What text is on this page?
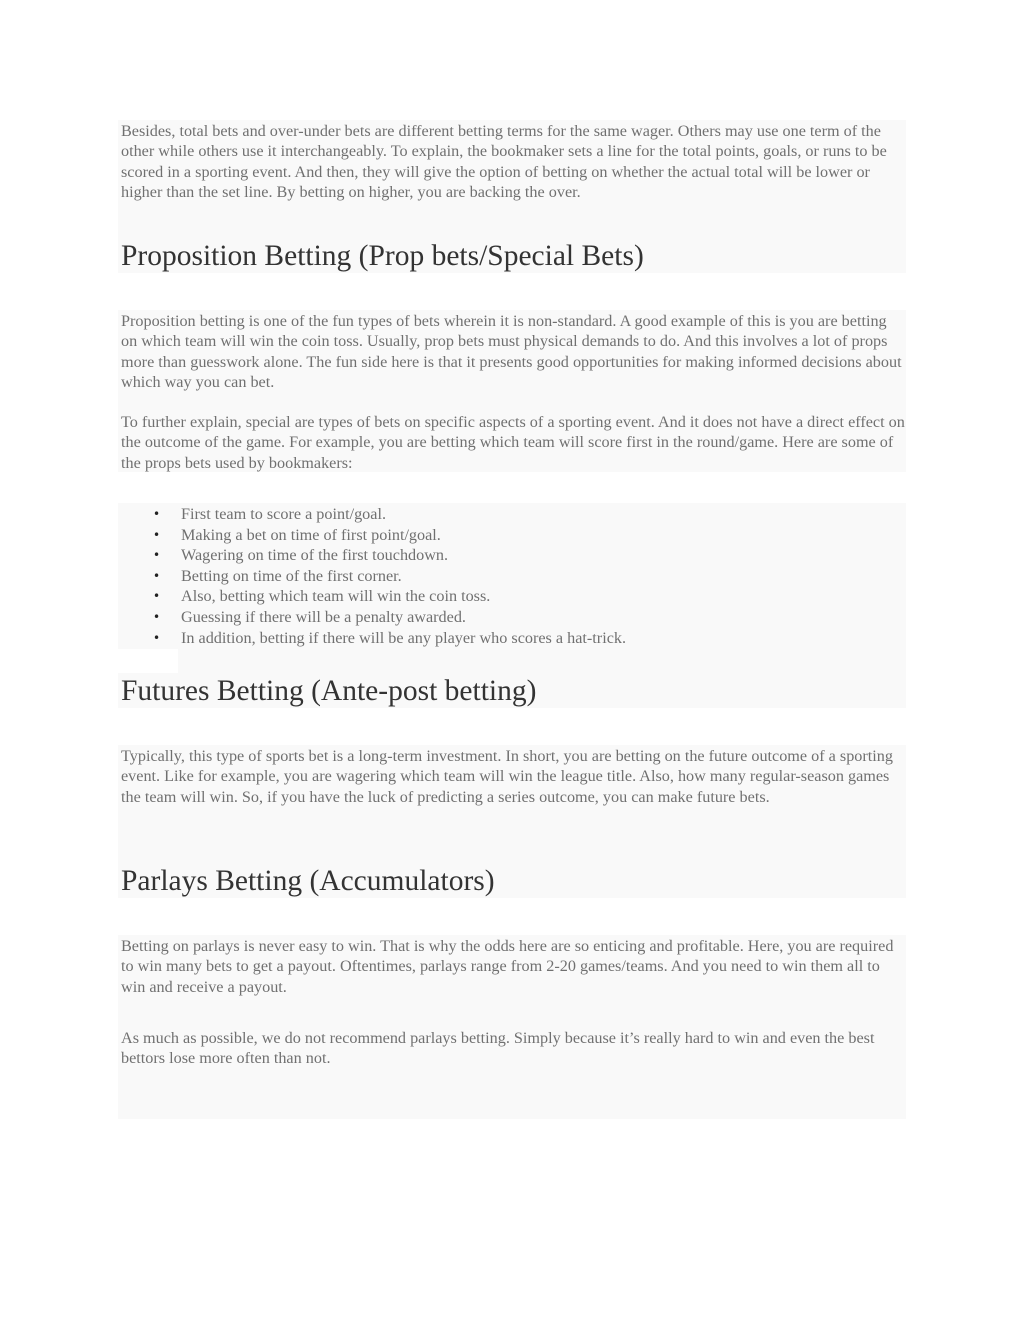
Besides, total bets and over-under bets are different betting terms for the same wager. Others may use one term of the other while others use it interchangeably. To explain, the bookmaker sets a line for the total points, goals, or runs to be scored in a sporting event. And then, they will give the option of betting on whether the actual total will be lower or higher than the set line. By betting on higher, you are backing the over.

Proposition Betting (Prop bets/Special Bets)

Proposition betting is one of the fun types of bets wherein it is non-standard. A good example of this is you are betting on which team will win the coin toss. Usually, prop bets must physical demands to do. And this involves a lot of props more than guesswork alone. The fun side here is that it presents good opportunities for making informed decisions about which way you can bet.

To further explain, special are types of bets on specific aspects of a sporting event. And it does not have a direct effect on the outcome of the game. For example, you are betting which team will score first in the round/game. Here are some of the props bets used by bookmakers:

• First team to score a point/goal.
• Making a bet on time of first point/goal.
• Wagering on time of the first touchdown.
• Betting on time of the first corner.
• Also, betting which team will win the coin toss.
• Guessing if there will be a penalty awarded.
• In addition, betting if there will be any player who scores a hat-trick.
Futures Betting (Ante-post betting)

Typically, this type of sports bet is a long-term investment. In short, you are betting on the future outcome of a sporting event. Like for example, you are wagering which team will win the league title. Also, how many regular-season games the team will win. So, if you have the luck of predicting a series outcome, you can make future bets.

Parlays Betting (Accumulators)

Betting on parlays is never easy to win. That is why the odds here are so enticing and profitable. Here, you are required to win many bets to get a payout. Oftentimes, parlays range from 2-20 games/teams. And you need to win them all to win and receive a payout.

As much as possible, we do not recommend parlays betting. Simply because it’s really hard to win and even the best bettors lose more often than not.
